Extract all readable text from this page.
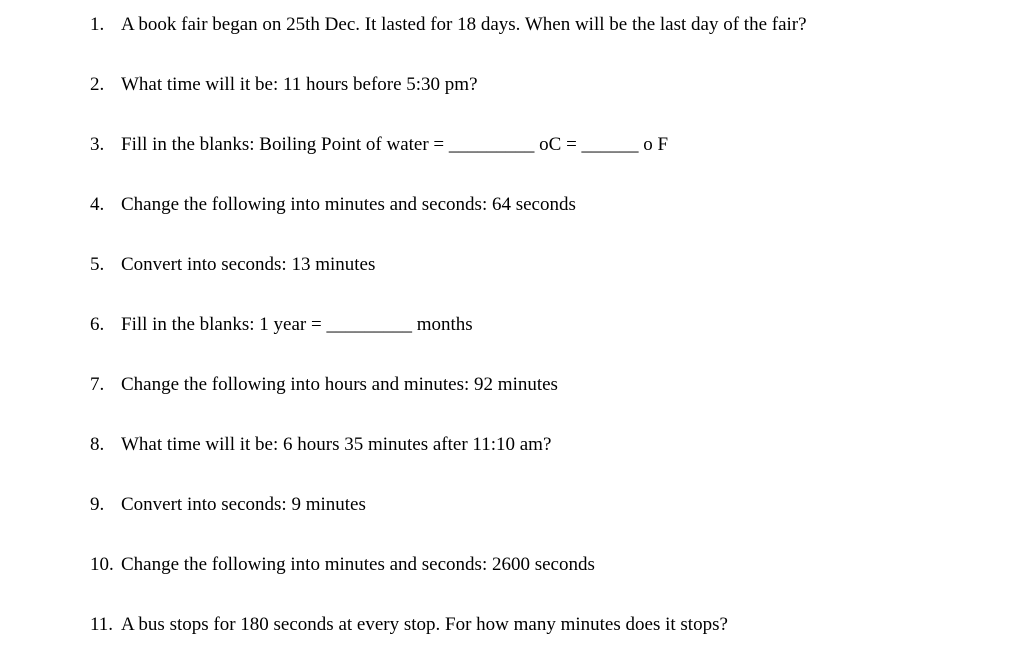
1. A book fair began on 25th Dec. It lasted for 18 days. When will be the last day of the fair?
2. What time will it be: 11 hours before 5:30 pm?
3. Fill in the blanks: Boiling Point of water = _________ oC = ______ o F
4. Change the following into minutes and seconds: 64 seconds
5. Convert into seconds: 13 minutes
6. Fill in the blanks: 1 year = _________ months
7. Change the following into hours and minutes: 92 minutes
8. What time will it be: 6 hours 35 minutes after 11:10 am?
9. Convert into seconds: 9 minutes
10. Change the following into minutes and seconds: 2600 seconds
11. A bus stops for 180 seconds at every stop. For how many minutes does it stops?
